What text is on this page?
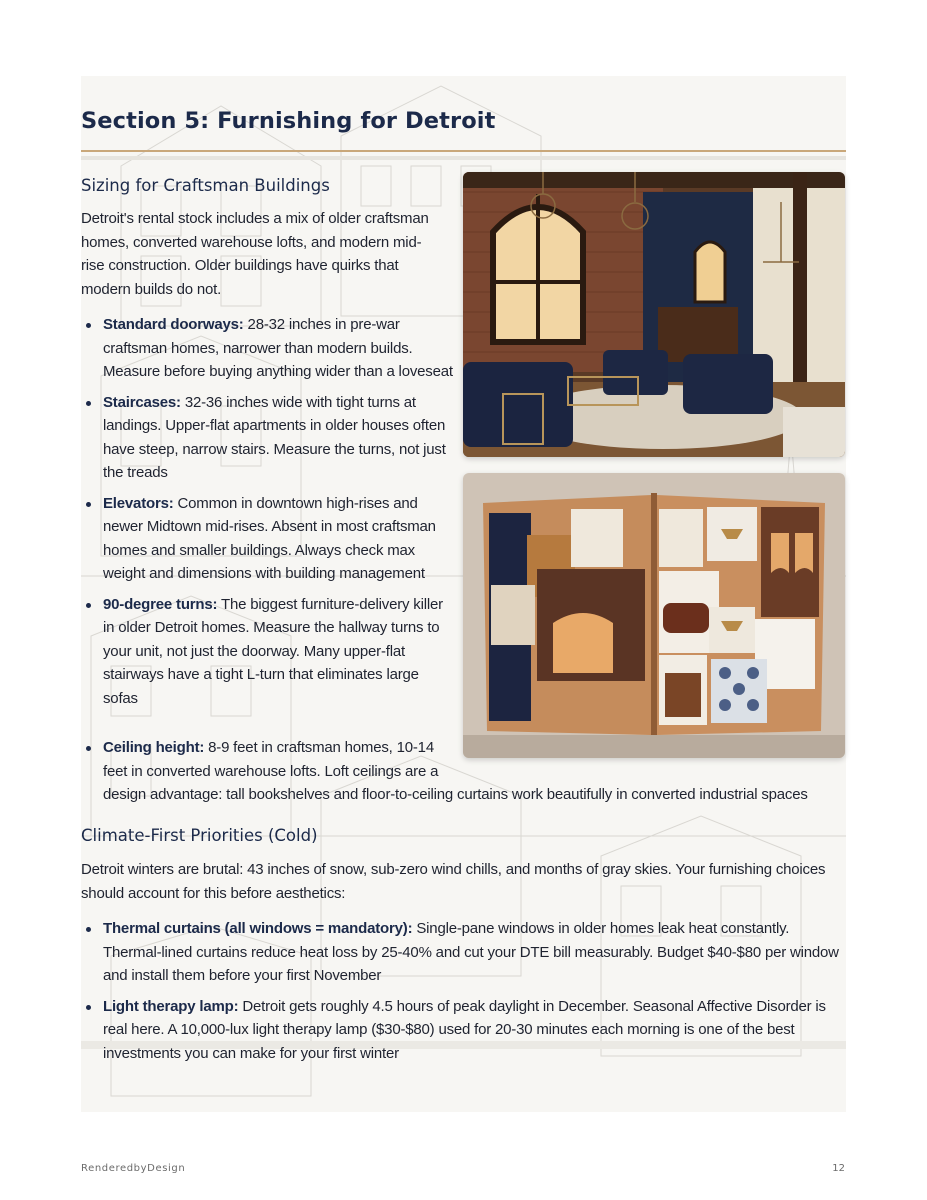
Section 5: Furnishing for Detroit
Sizing for Craftsman Buildings

Detroit's rental stock includes a mix of older craftsman homes, converted warehouse lofts, and modern mid-rise construction. Older buildings have quirks that modern builds do not.

Standard doorways: 28-32 inches in pre-war craftsman homes, narrower than modern builds. Measure before buying anything wider than a loveseat
Staircases: 32-36 inches wide with tight turns at landings. Upper-flat apartments in older houses often have steep, narrow stairs. Measure the turns, not just the treads
Elevators: Common in downtown high-rises and newer Midtown mid-rises. Absent in most craftsman homes and smaller buildings. Always check max weight and dimensions with building management
90-degree turns: The biggest furniture-delivery killer in older Detroit homes. Measure the hallway turns to your unit, not just the doorway. Many upper-flat stairways have a tight L-turn that eliminates large sofas
Climate-First Priorities (Cold)

Detroit winters are brutal: 43 inches of snow, sub-zero wind chills, and months of gray skies. Your furnishing choices should account for this before aesthetics:

Thermal curtains (all windows = mandatory): Single-pane windows in older homes leak heat constantly. Thermal-lined curtains reduce heat loss by 25-40% and cut your DTE bill measurably. Budget $40-$80 per window and install them before your first November
Light therapy lamp: Detroit gets roughly 4.5 hours of peak daylight in December. Seasonal Affective Disorder is real here. A 10,000-lux light therapy lamp ($30-$80) used for 20-30 minutes each morning is one of the best investments you can make for your first winter
Ceiling height: 8-9 feet in craftsman homes, 10-14 feet in converted warehouse lofts. Loft ceilings are a design advantage: tall bookshelves and floor-to-ceiling curtains work beautifully in converted industrial spaces
RenderedbyDesign	12
